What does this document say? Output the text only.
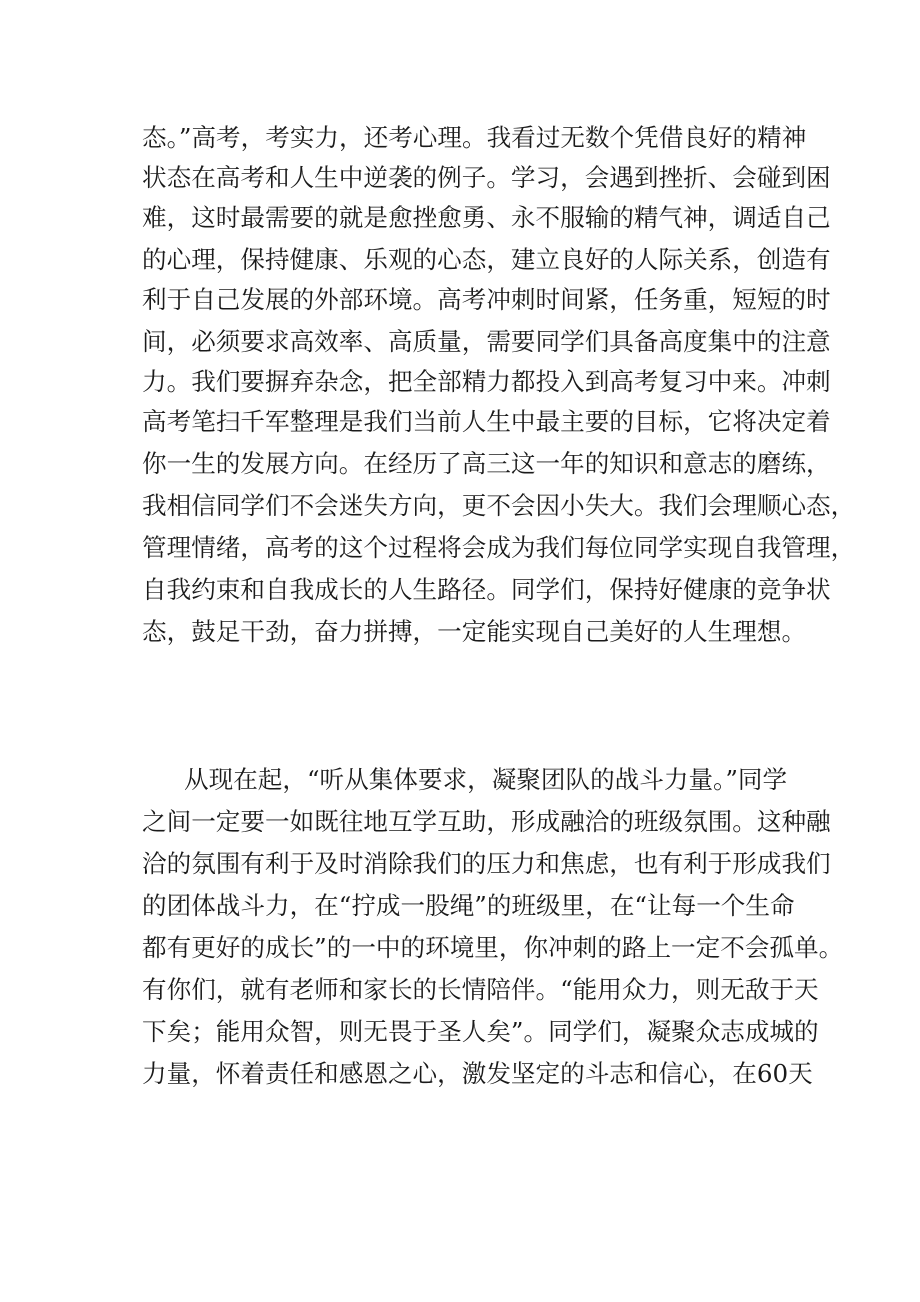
态。”高考，考实力，还考心理。我看过无数个凭借良好的精神
状态在高考和人生中逆袭的例子。学习，会遇到挫折、会碰到困
难，这时最需要的就是愈挫愈勇、永不服输的精气神，调适自己
的心理，保持健康、乐观的心态，建立良好的人际关系，创造有
利于自己发展的外部环境。高考冲刺时间紧，任务重，短短的时
间，必须要求高效率、高质量，需要同学们具备高度集中的注意
力。我们要摒弃杂念，把全部精力都投入到高考复习中来。冲刺
高考笔扫千军整理是我们当前人生中最主要的目标，它将决定着
你一生的发展方向。在经历了高三这一年的知识和意志的磨练，
我相信同学们不会迷失方向，更不会因小失大。我们会理顺心态，
管理情绪，高考的这个过程将会成为我们每位同学实现自我管理，
自我约束和自我成长的人生路径。同学们，保持好健康的竞争状
态，鼓足干劲，奋力拼搏，一定能实现自己美好的人生理想。
从现在起，“听从集体要求，凝聚团队的战斗力量。”同学
之间一定要一如既往地互学互助，形成融洽的班级氛围。这种融
洽的氛围有利于及时消除我们的压力和焦虑，也有利于形成我们
的团体战斗力，在“拧成一股绳”的班级里，在“让每一个生命
都有更好的成长”的一中的环境里，你冲刺的路上一定不会孤单。
有你们，就有老师和家长的长情陪伴。“能用众力，则无敌于天
下矣；能用众智，则无畏于圣人矣”。同学们，凝聚众志成城的
力量，怀着责任和感恩之心，激发坚定的斗志和信心，在60天
